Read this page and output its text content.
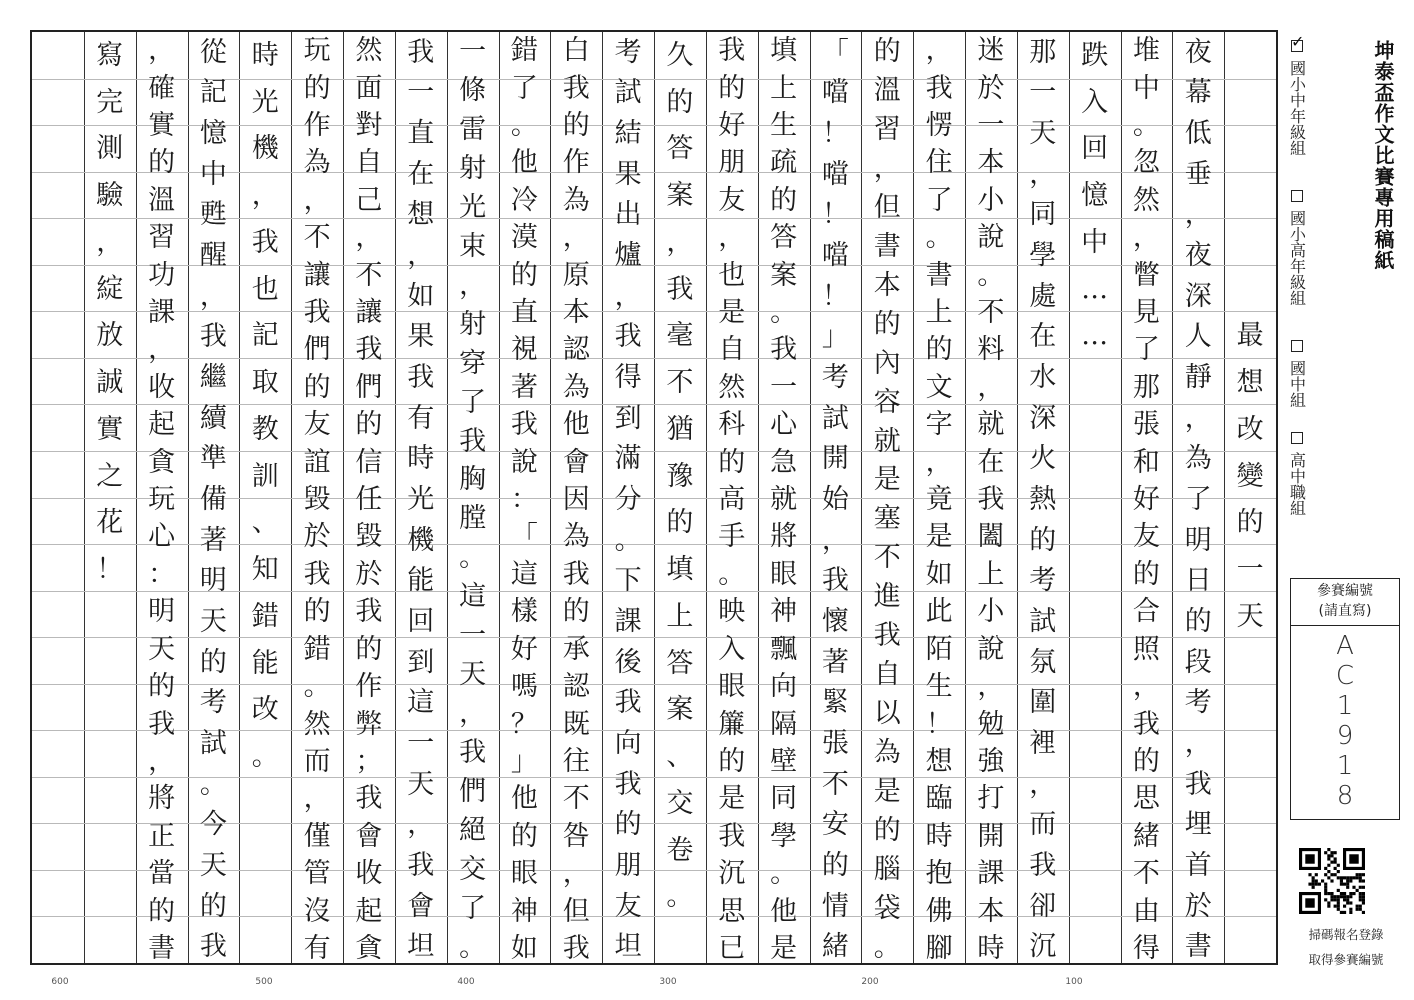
最
想
改
變
的
一
天
夜
幕
低
垂
，
夜
深
人
靜
，
為
了
明
日
的
段
考
，
我
埋
首
於
書
堆
中
。
忽
然
，
瞥
見
了
那
張
和
好
友
的
合
照
，
我
的
思
緒
不
由
得
跌
入
回
憶
中
…
…
那
一
天
，
同
學
處
在
水
深
火
熱
的
考
試
氛
圍
裡
，
而
我
卻
沉
迷
於
一
本
小
說
。
不
料
，
就
在
我
闔
上
小
說
，
勉
強
打
開
課
本
時
，
我
愣
住
了
。
書
上
的
文
字
，
竟
是
如
此
陌
生
！
想
臨
時
抱
佛
腳
的
溫
習
，
但
書
本
的
內
容
就
是
塞
不
進
我
自
以
為
是
的
腦
袋
。
「
噹
！
噹
！
噹
！
」
考
試
開
始
，
我
懷
著
緊
張
不
安
的
情
緒
填
上
生
疏
的
答
案
。
我
一
心
急
就
將
眼
神
飄
向
隔
壁
同
學
。
他
是
我
的
好
朋
友
，
也
是
自
然
科
的
高
手
。
映
入
眼
簾
的
是
我
沉
思
已
久
的
答
案
，
我
毫
不
猶
豫
的
填
上
答
案
、
交
卷
。
考
試
結
果
出
爐
，
我
得
到
滿
分
。
下
課
後
我
向
我
的
朋
友
坦
白
我
的
作
為
，
原
本
認
為
他
會
因
為
我
的
承
認
既
往
不
咎
，
但
我
錯
了
。
他
冷
漠
的
直
視
著
我
說
：
「
這
樣
好
嗎
？
」
他
的
眼
神
如
一
條
雷
射
光
束
，
射
穿
了
我
胸
膛
。
這
一
天
，
我
們
絕
交
了
。
我
一
直
在
想
，
如
果
我
有
時
光
機
能
回
到
這
一
天
，
我
會
坦
然
面
對
自
己
，
不
讓
我
們
的
信
任
毀
於
我
的
作
弊
；
我
會
收
起
貪
玩
的
作
為
，
不
讓
我
們
的
友
誼
毀
於
我
的
錯
。
然
而
，
僅
管
沒
有
時
光
機
，
我
也
記
取
教
訓
、
知
錯
能
改
。
從
記
憶
中
甦
醒
，
我
繼
續
準
備
著
明
天
的
考
試
。
今
天
的
我
，
確
實
的
溫
習
功
課
，
收
起
貪
玩
心
：
明
天
的
我
，
將
正
當
的
書
寫
完
測
驗
，
綻
放
誠
實
之
花
！
600	500	400	300	200	100
坤泰盃作文比賽專用稿紙
✓
國小中年級組
國小高年級組
國中組
高中職組
參賽編號
(請直寫)
A
C
1
9
1
8
掃碼報名登錄
取得參賽編號
